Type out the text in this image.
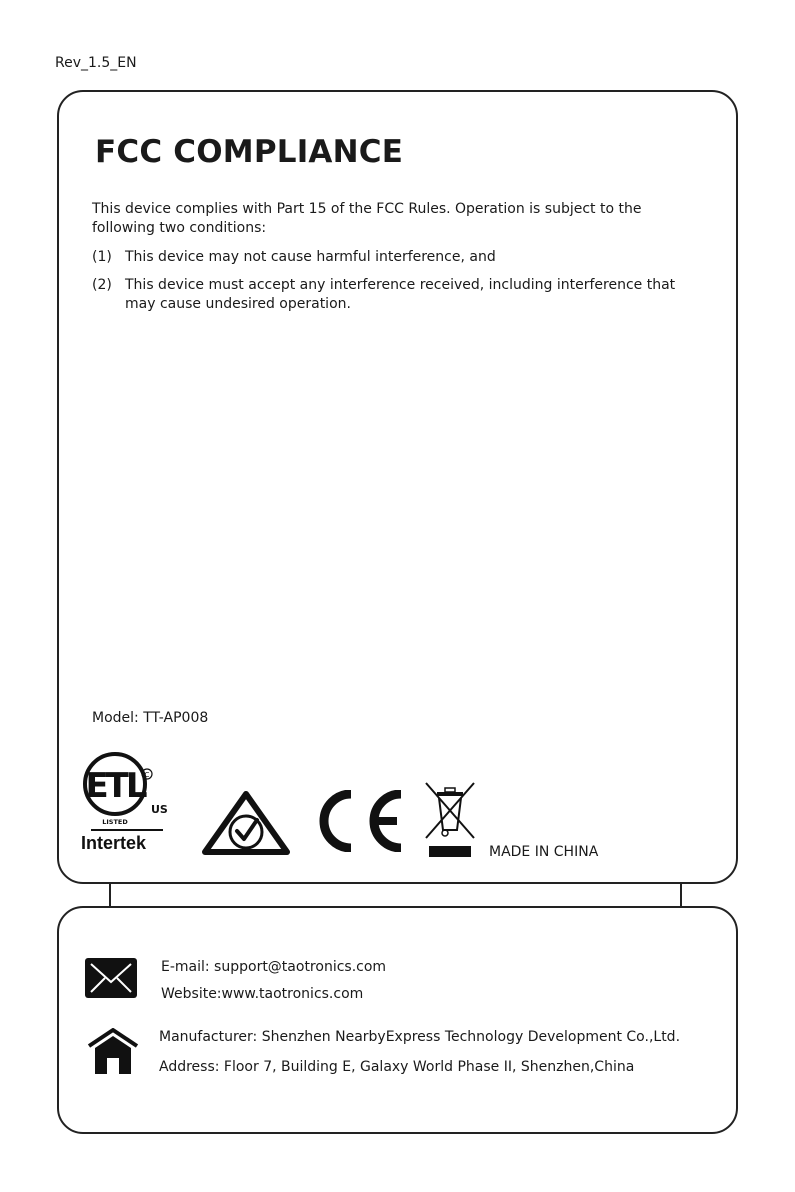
Rev_1.5_EN
FCC COMPLIANCE

This device complies with Part 15 of the FCC Rules. Operation is subject to the following two conditions:

(1) This device may not cause harmful interference, and
(2) This device must accept any interference received, including interference that may cause undesired operation.
Model: TT-AP008
ETL C
US
LISTED
Intertek	MADE IN CHINA
E-mail: support@taotronics.com
Website:www.taotronics.com
Manufacturer: Shenzhen NearbyExpress Technology Development Co.,Ltd.
Address: Floor 7, Building E, Galaxy World Phase II, Shenzhen,China
